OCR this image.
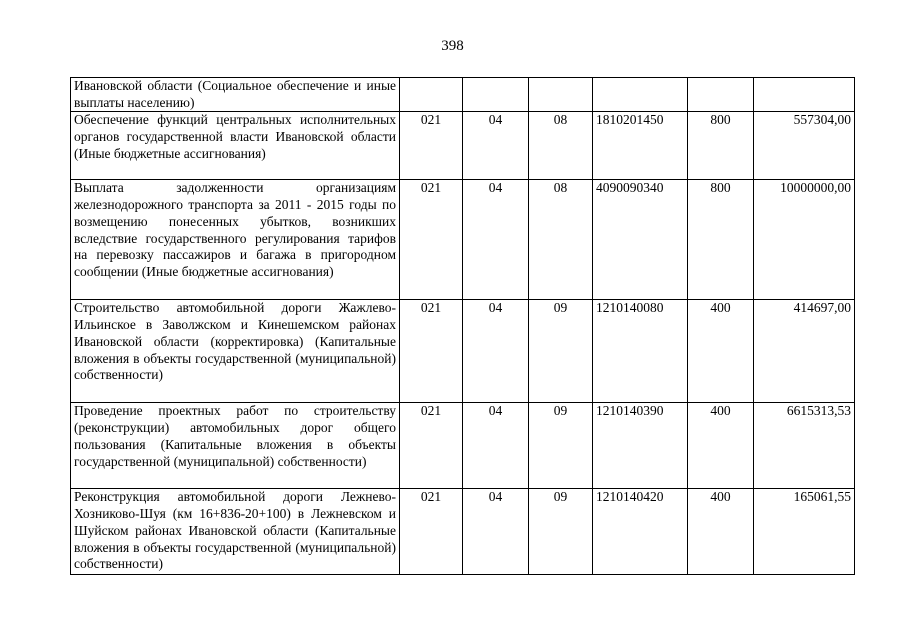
398
Ивановской области (Социальное обеспечение и иные выплаты населению)						
Обеспечение функций центральных исполнительных органов государственной власти Ивановской области (Иные бюджетные ассигнования)	021	04	08	1810201450	800	557304,00
Выплата задолженности организациям железнодорожного транспорта за 2011 - 2015 годы по возмещению понесенных убытков, возникших вследствие государственного регулирования тарифов на перевозку пассажиров и багажа в пригородном сообщении (Иные бюджетные ассигнования)	021	04	08	4090090340	800	10000000,00
Строительство автомобильной дороги Жажлево-Ильинское в Заволжском и Кинешемском районах Ивановской области (корректировка) (Капитальные вложения в объекты государственной (муниципальной) собственности)	021	04	09	1210140080	400	414697,00
Проведение проектных работ по строительству (реконструкции) автомобильных дорог общего пользования (Капитальные вложения в объекты государственной (муниципальной) собственности)	021	04	09	1210140390	400	6615313,53
Реконструкция автомобильной дороги Лежнево-Хозниково-Шуя (км 16+836-20+100) в Лежневском и Шуйском районах Ивановской области (Капитальные вложения в объекты государственной (муниципальной) собственности)	021	04	09	1210140420	400	165061,55
